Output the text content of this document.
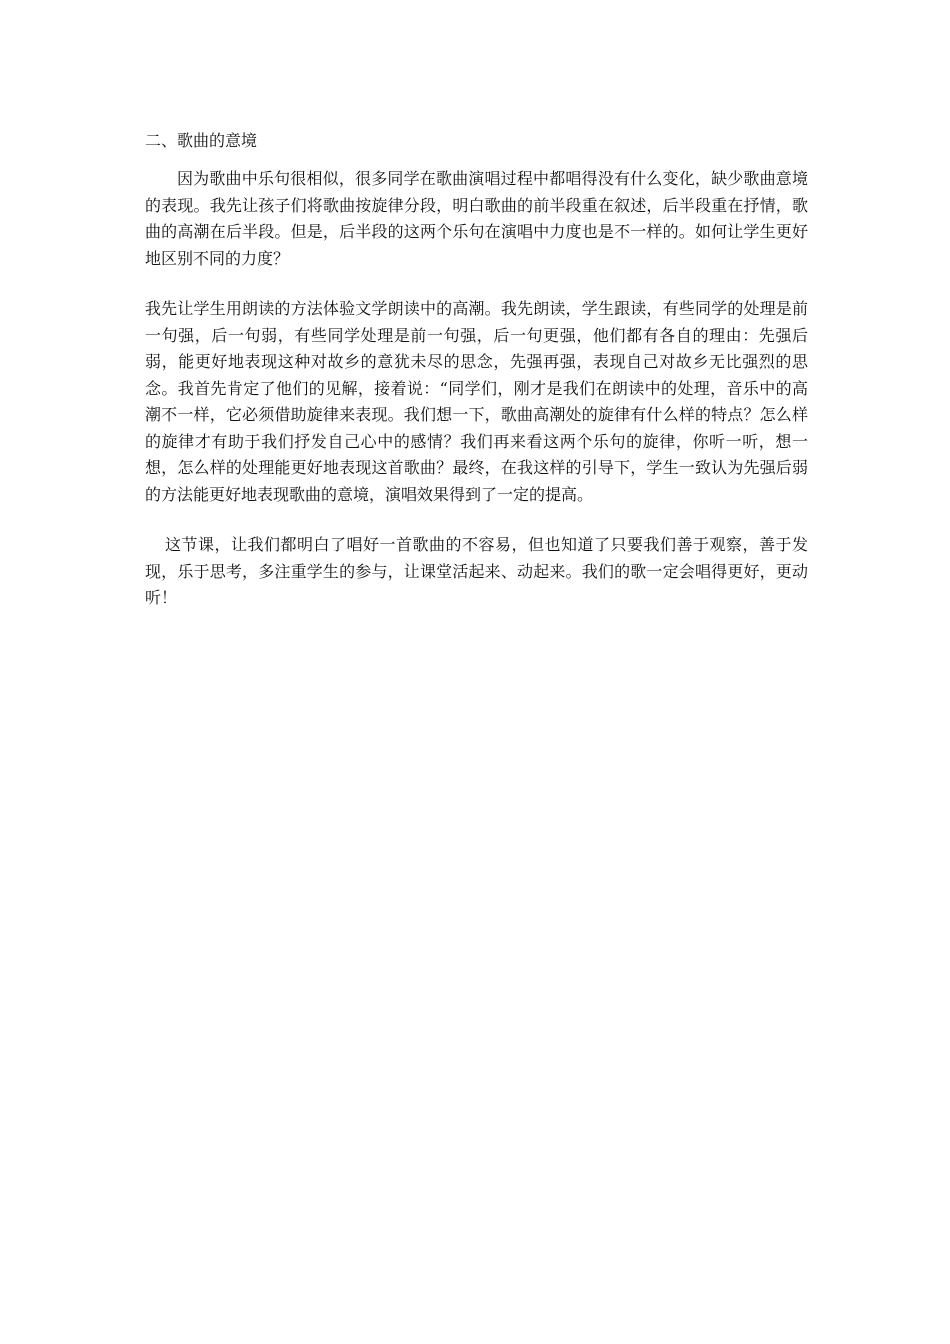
二、歌曲的意境

因为歌曲中乐句很相似，很多同学在歌曲演唱过程中都唱得没有什么变化，缺少歌曲意境的表现。我先让孩子们将歌曲按旋律分段，明白歌曲的前半段重在叙述，后半段重在抒情，歌曲的高潮在后半段。但是，后半段的这两个乐句在演唱中力度也是不一样的。如何让学生更好地区别不同的力度？

我先让学生用朗读的方法体验文学朗读中的高潮。我先朗读，学生跟读，有些同学的处理是前一句强，后一句弱，有些同学处理是前一句强，后一句更强，他们都有各自的理由：先强后弱，能更好地表现这种对故乡的意犹未尽的思念，先强再强，表现自己对故乡无比强烈的思念。我首先肯定了他们的见解，接着说：“同学们，刚才是我们在朗读中的处理，音乐中的高潮不一样，它必须借助旋律来表现。我们想一下，歌曲高潮处的旋律有什么样的特点？怎么样的旋律才有助于我们抒发自己心中的感情？我们再来看这两个乐句的旋律，你听一听，想一想，怎么样的处理能更好地表现这首歌曲？最终，在我这样的引导下，学生一致认为先强后弱的方法能更好地表现歌曲的意境，演唱效果得到了一定的提高。

这节课，让我们都明白了唱好一首歌曲的不容易，但也知道了只要我们善于观察，善于发现，乐于思考，多注重学生的参与，让课堂活起来、动起来。我们的歌一定会唱得更好，更动听！
